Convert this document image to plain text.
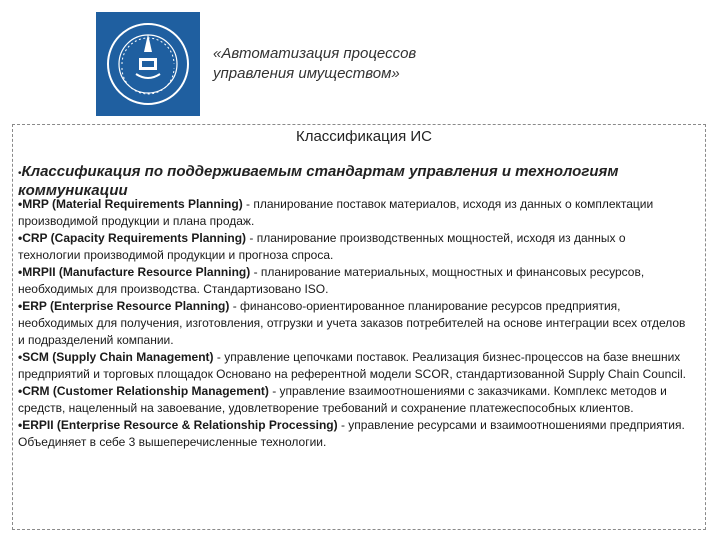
«Автоматизация процессов
управления имуществом»
Классификация ИС
•Классификация по поддерживаемым стандартам управления и технологиям коммуникации

•MRP (Material Requirements Planning) - планирование поставок материалов, исходя из данных о комплектации производимой продукции и плана продаж.

•CRP (Capacity Requirements Planning) - планирование производственных мощностей, исходя из данных о технологии производимой продукции и прогноза спроса.

•MRPII (Manufacture Resource Planning) - планирование материальных, мощностных и финансовых ресурсов, необходимых для производства. Стандартизовано ISO.

•ERP (Enterprise Resource Planning) - финансово-ориентированное планирование ресурсов предприятия, необходимых для получения, изготовления, отгрузки и учета заказов потребителей на основе интеграции всех отделов и подразделений компании.

•SCM (Supply Chain Management) - управление цепочками поставок. Реализация бизнес-процессов на базе внешних предприятий и торговых площадок Основано на референтной модели SCOR, стандартизованной Supply Chain Council.

•CRM (Customer Relationship Management) - управление взаимоотношениями с заказчиками. Комплекс методов и средств, нацеленный на завоевание, удовлетворение требований и сохранение платежеспособных клиентов.

•ERPII (Enterprise Resource & Relationship Processing) - управление ресурсами и взаимоотношениями предприятия. Объединяет в себе 3 вышеперечисленные технологии.
